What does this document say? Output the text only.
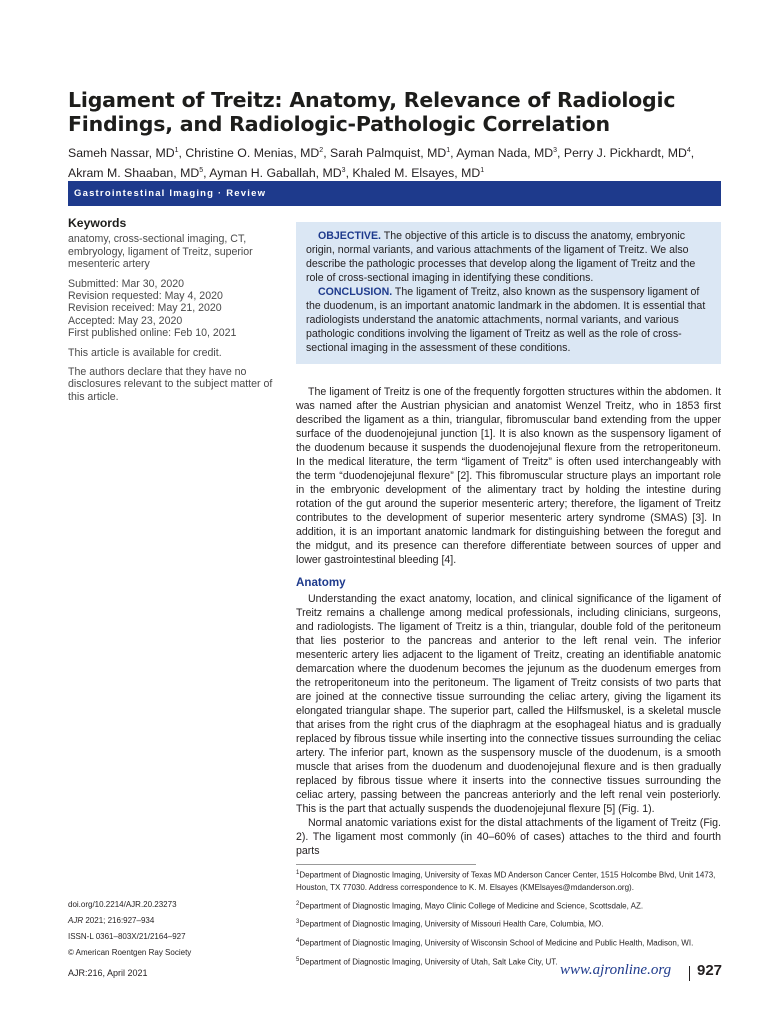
Ligament of Treitz: Anatomy, Relevance of Radiologic Findings, and Radiologic-Pathologic Correlation
Sameh Nassar, $MD^1$, Christine O. Menias, $MD^2$, Sarah Palmquist, $MD^1$, Ayman Nada, $MD^3$, Perry J. Pickhardt, $MD^4$, Akram M. Shaaban, $MD^5$, Ayman H. Gaballah, $MD^3$, Khaled M. Elsayes, $MD^1$
Gastrointestinal Imaging · Review
Keywords
anatomy, cross-sectional imaging, CT, embryology, ligament of Treitz, superior mesenteric artery
Submitted: Mar 30, 2020
Revision requested: May 4, 2020
Revision received: May 21, 2020
Accepted: May 23, 2020
First published online: Feb 10, 2021
This article is available for credit.
The authors declare that they have no disclosures relevant to the subject matter of this article.

OBJECTIVE. The objective of this article is to discuss the anatomy, embryonic origin, normal variants, and various attachments of the ligament of Treitz. We also describe the pathologic processes that develop along the ligament of Treitz and the role of cross-sectional imaging in identifying these conditions.

CONCLUSION. The ligament of Treitz, also known as the suspensory ligament of the duodenum, is an important anatomic landmark in the abdomen. It is essential that radiologists understand the anatomic attachments, normal variants, and various pathologic conditions involving the ligament of Treitz as well as the role of cross-sectional imaging in the assessment of these conditions.

The ligament of Treitz is one of the frequently forgotten structures within the abdomen. It was named after the Austrian physician and anatomist Wenzel Treitz, who in 1853 first described the ligament as a thin, triangular, fibromuscular band extending from the upper surface of the duodenojejunal junction [1]. It is also known as the suspensory ligament of the duodenum because it suspends the duodenojejunal flexure from the retroperitoneum. In the medical literature, the term “ligament of Treitz” is often used interchangeably with the term “duodenojejunal flexure” [2]. This fibromuscular structure plays an important role in the embryonic development of the alimentary tract by holding the intestine during rotation of the gut around the superior mesenteric artery; therefore, the ligament of Treitz contributes to the development of superior mesenteric artery syndrome (SMAS) [3]. In addition, it is an important anatomic landmark for distinguishing between the foregut and the midgut, and its presence can therefore differentiate between sources of upper and lower gastrointestinal bleeding [4].

Anatomy

Understanding the exact anatomy, location, and clinical significance of the ligament of Treitz remains a challenge among medical professionals, including clinicians, surgeons, and radiologists. The ligament of Treitz is a thin, triangular, double fold of the peritoneum that lies posterior to the pancreas and anterior to the left renal vein. The inferior mesenteric artery lies adjacent to the ligament of Treitz, creating an identifiable anatomic demarcation where the duodenum becomes the jejunum as the duodenum emerges from the retroperitoneum into the peritoneum. The ligament of Treitz consists of two parts that are joined at the connective tissue surrounding the celiac artery, giving the ligament its elongated triangular shape. The superior part, called the Hilfsmuskel, is a skeletal muscle that arises from the right crus of the diaphragm at the esophageal hiatus and is gradually replaced by fibrous tissue while inserting into the connective tissues surrounding the celiac artery. The inferior part, known as the suspensory muscle of the duodenum, is a smooth muscle that arises from the duodenum and duodenojejunal flexure and is then gradually replaced by fibrous tissue where it inserts into the connective tissues surrounding the celiac artery, passing between the pancreas anteriorly and the left renal vein posteriorly. This is the part that actually suspends the duodenojejunal flexure [5] (Fig. 1).

Normal anatomic variations exist for the distal attachments of the ligament of Treitz (Fig. 2). The ligament most commonly (in 40–60% of cases) attaches to the third and fourth parts

$^1$Department of Diagnostic Imaging, University of Texas MD Anderson Cancer Center, 1515 Holcombe Blvd, Unit 1473, Houston, TX 77030. Address correspondence to K. M. Elsayes (KMElsayes@mdanderson.org).
$^2$Department of Diagnostic Imaging, Mayo Clinic College of Medicine and Science, Scottsdale, AZ.
$^3$Department of Diagnostic Imaging, University of Missouri Health Care, Columbia, MO.
$^4$Department of Diagnostic Imaging, University of Wisconsin School of Medicine and Public Health, Madison, WI.
$^5$Department of Diagnostic Imaging, University of Utah, Salt Lake City, UT.
doi.org/10.2214/AJR.20.23273
AJR 2021; 216:927–934
ISSN-L 0361–803X/21/2164–927
© American Roentgen Ray Society
AJR:216, April 2021	www.ajronline.org 927
